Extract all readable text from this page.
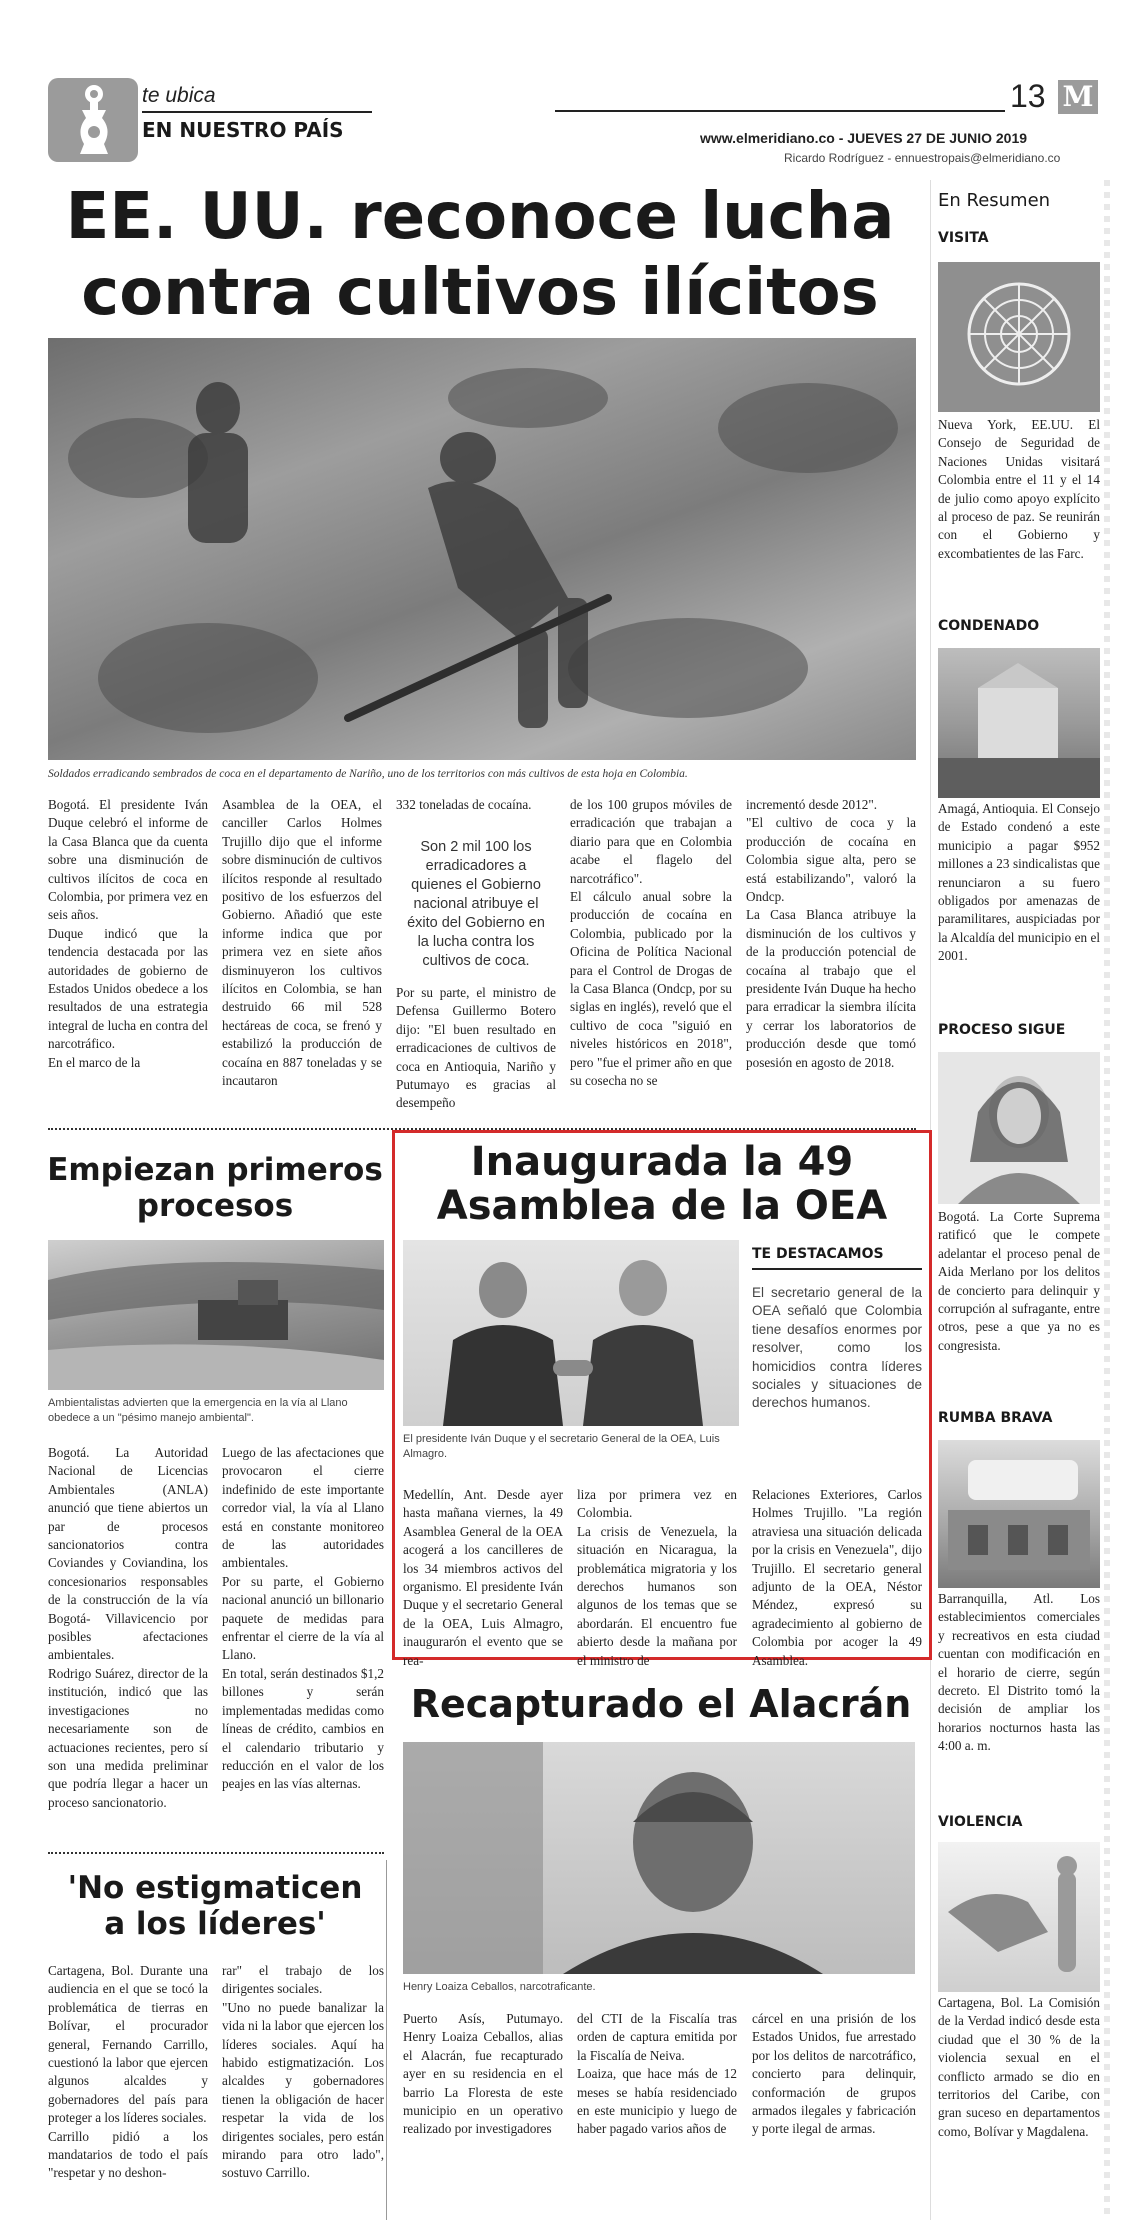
te ubica
EN NUESTRO PAÍS
13 M
www.elmeridiano.co - JUEVES 27 DE JUNIO 2019
Ricardo Rodríguez - ennuestropais@elmeridiano.co
EE. UU. reconoce lucha
contra cultivos ilícitos
Soldados erradicando sembrados de coca en el departamento de Nariño, uno de los territorios con más cultivos de esta hoja en Colombia.
Bogotá. El presidente Iván Duque celebró el informe de la Casa Blanca que da cuenta sobre una disminución de cultivos ilícitos de coca en Colombia, por primera vez en seis años.
Duque indicó que la tendencia destacada por las autoridades de gobierno de Estados Unidos obedece a los resultados de una estrategia integral de lucha en contra del narcotráfico.
En el marco de la
Asamblea de la OEA, el canciller Carlos Holmes Trujillo dijo que el informe sobre disminución de cultivos ilícitos responde al resultado positivo de los esfuerzos del Gobierno. Añadió que este informe indica que por primera vez en siete años disminuyeron los cultivos ilícitos en Colombia, se han destruido 66 mil 528 hectáreas de coca, se frenó y estabilizó la producción de cocaína en 887 toneladas y se incautaron
332 toneladas de cocaína.
Son 2 mil 100 los erradicadores a quienes el Gobierno nacional atribuye el éxito del Gobierno en la lucha contra los cultivos de coca.
Por su parte, el ministro de Defensa Guillermo Botero dijo: "El buen resultado en erradicaciones de cultivos de coca en Antioquia, Nariño y Putumayo es gracias al desempeño
de los 100 grupos móviles de erradicación que trabajan a diario para que en Colombia acabe el flagelo del narcotráfico".
El cálculo anual sobre la producción de cocaína en Colombia, publicado por la Oficina de Política Nacional para el Control de Drogas de la Casa Blanca (Ondcp, por su siglas en inglés), reveló que el cultivo de coca "siguió en niveles históricos en 2018", pero "fue el primer año en que su cosecha no se
incrementó desde 2012".
"El cultivo de coca y la producción de cocaína en Colombia sigue alta, pero se está estabilizando", valoró la Ondcp.
La Casa Blanca atribuye la disminución de los cultivos y de la producción potencial de cocaína al trabajo que el presidente Iván Duque ha hecho para erradicar la siembra ilícita y cerrar los laboratorios de producción desde que tomó posesión en agosto de 2018.
En Resumen
VISITA
Nueva York, EE.UU. El Consejo de Seguridad de Naciones Unidas visitará Colombia entre el 11 y el 14 de julio como apoyo explícito al proceso de paz. Se reunirán con el Gobierno y excombatientes de las Farc.
CONDENADO
Amagá, Antioquia. El Consejo de Estado condenó a este municipio a pagar $952 millones a 23 sindicalistas que renunciaron a su fuero obligados por amenazas de paramilitares, auspiciadas por la Alcaldía del municipio en el 2001.
PROCESO SIGUE
Bogotá. La Corte Suprema ratificó que le compete adelantar el proceso penal de Aida Merlano por los delitos de concierto para delinquir y corrupción al sufragante, entre otros, pese a que ya no es congresista.
RUMBA BRAVA
Barranquilla, Atl. Los establecimientos comerciales y recreativos en esta ciudad cuentan con modificación en el horario de cierre, según decreto. El Distrito tomó la decisión de ampliar los horarios nocturnos hasta las 4:00 a. m.
VIOLENCIA
Cartagena, Bol. La Comisión de la Verdad indicó desde esta ciudad que el 30 % de la violencia sexual en el conflicto armado se dio en territorios del Caribe, con gran suceso en departamentos como, Bolívar y Magdalena.
Empiezan primeros
procesos
Ambientalistas advierten que la emergencia en la vía al Llano obedece a un "pésimo manejo ambiental".
Bogotá. La Autoridad Nacional de Licencias Ambientales (ANLA) anunció que tiene abiertos un par de procesos sancionatorios contra Coviandes y Coviandina, los concesionarios responsables de la construcción de la vía Bogotá- Villavicencio por posibles afectaciones ambientales.
Rodrigo Suárez, director de la institución, indicó que las investigaciones no necesariamente son de actuaciones recientes, pero sí son una medida preliminar que podría llegar a hacer un proceso sancionatorio.
Luego de las afectaciones que provocaron el cierre indefinido de este importante corredor vial, la vía al Llano está en constante monitoreo de las autoridades ambientales.
Por su parte, el Gobierno nacional anunció un billonario paquete de medidas para enfrentar el cierre de la vía al Llano.
En total, serán destinados $1,2 billones y serán implementadas medidas como líneas de crédito, cambios en el calendario tributario y reducción en el valor de los peajes en las vías alternas.
Inaugurada la 49
Asamblea de la OEA
El presidente Iván Duque y el secretario General de la OEA, Luis Almagro.
TE DESTACAMOS
El secretario general de la OEA señaló que Colombia tiene desafíos enormes por resolver, como los homicidios contra líderes sociales y situaciones de derechos humanos.
Medellín, Ant. Desde ayer hasta mañana viernes, la 49 Asamblea General de la OEA acogerá a los cancilleres de los 34 miembros activos del organismo. El presidente Iván Duque y el secretario General de la OEA, Luis Almagro, inaugurarón el evento que se rea-
liza por primera vez en Colombia.
La crisis de Venezuela, la situación en Nicaragua, la problemática migratoria y los derechos humanos son algunos de los temas que se abordarán. El encuentro fue abierto desde la mañana por el ministro de
Relaciones Exteriores, Carlos Holmes Trujillo. "La región atraviesa una situación delicada por la crisis en Venezuela", dijo Trujillo. El secretario general adjunto de la OEA, Néstor Méndez, expresó su agradecimiento al gobierno de Colombia por acoger la 49 Asamblea.
'No estigmaticen
a los líderes'
Cartagena, Bol. Durante una audiencia en el que se tocó la problemática de tierras en Bolívar, el procurador general, Fernando Carrillo, cuestionó la labor que ejercen algunos alcaldes y gobernadores del país para proteger a los líderes sociales.
Carrillo pidió a los mandatarios de todo el país "respetar y no deshon-
rar" el trabajo de los dirigentes sociales.
"Uno no puede banalizar la vida ni la labor que ejercen los líderes sociales. Aquí ha habido estigmatización. Los alcaldes y gobernadores tienen la obligación de hacer respetar la vida de los dirigentes sociales, pero están mirando para otro lado", sostuvo Carrillo.
Recapturado el Alacrán
Henry Loaiza Ceballos, narcotraficante.
Puerto Asís, Putumayo. Henry Loaiza Ceballos, alias el Alacrán, fue recapturado ayer en su residencia en el barrio La Floresta de este municipio en un operativo realizado por investigadores
del CTI de la Fiscalía tras orden de captura emitida por la Fiscalía de Neiva.
Loaiza, que hace más de 12 meses se había residenciado en este municipio y luego de haber pagado varios años de
cárcel en una prisión de los Estados Unidos, fue arrestado por los delitos de narcotráfico, concierto para delinquir, conformación de grupos armados ilegales y fabricación y porte ilegal de armas.
